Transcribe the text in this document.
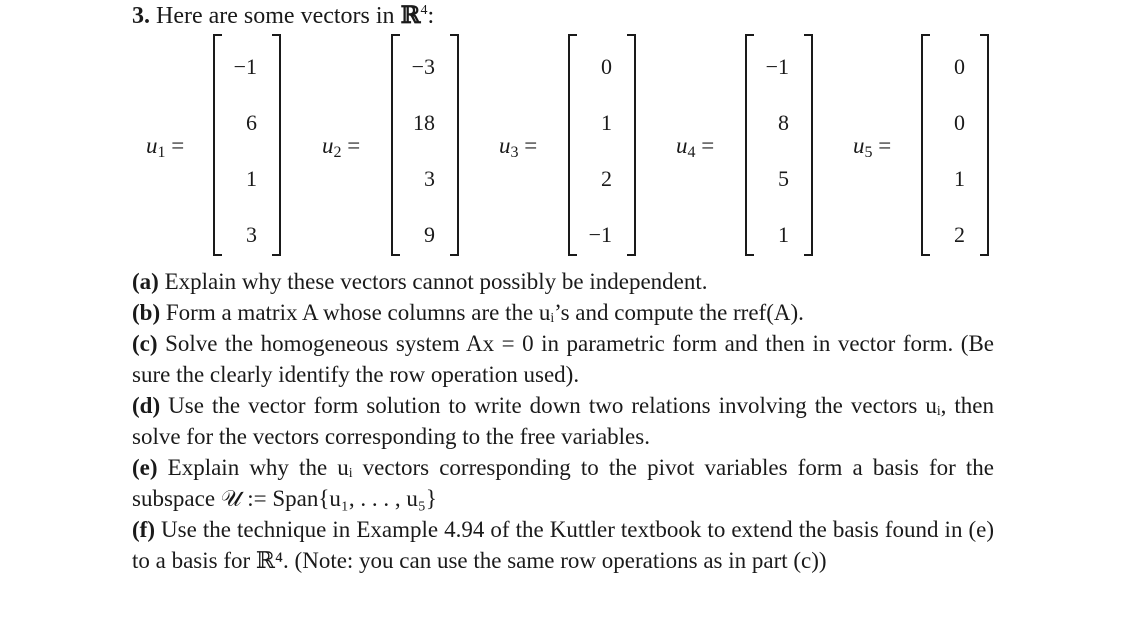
3. Here are some vectors in ℝ$^4$:
$u_1$ =
−1
6
1
3
$u_2$ =
−3
18
3
9
$u_3$ =
0
1
2
−1
$u_4$ =
−1
8
5
1
$u_5$ =
0
0
1
2

(a) Explain why these vectors cannot possibly be independent.

(b) Form a matrix A whose columns are the uᵢ’s and compute the rref(A).

(c) Solve the homogeneous system Ax = 0 in parametric form and then in vector form. (Be sure the clearly identify the row operation used).

(d) Use the vector form solution to write down two relations involving the vectors uᵢ, then solve for the vectors corresponding to the free variables.

(e) Explain why the uᵢ vectors corresponding to the pivot variables form a basis for the subspace 𝒰 := Span{u₁, . . . , u₅}

(f) Use the technique in Example 4.94 of the Kuttler textbook to extend the basis found in (e) to a basis for ℝ⁴. (Note: you can use the same row operations as in part (c))
